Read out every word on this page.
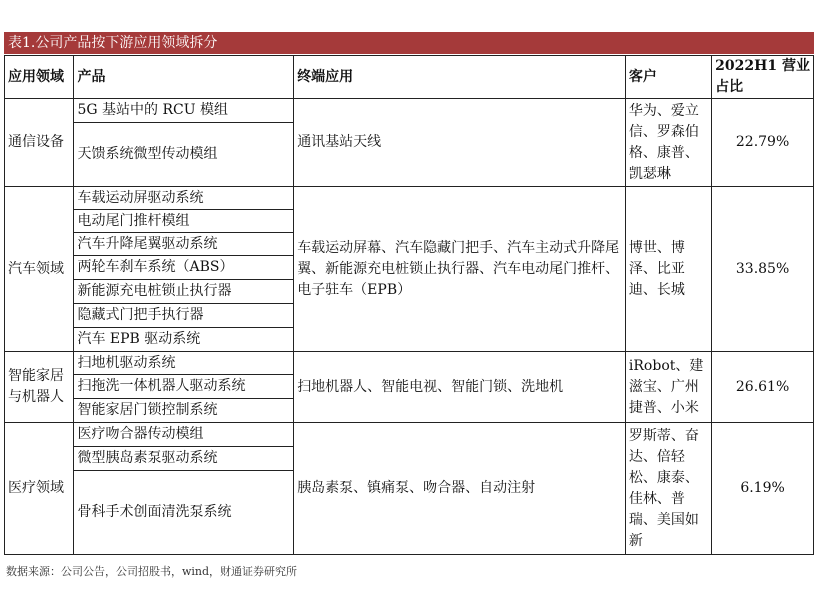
表1.公司产品按下游应用领域拆分
应用领域	产品	终端应用	客户	2022H1 营业
占比

通信设备	5G 基站中的 RCU 模组	通讯基站天线	华为、爱立信、罗森伯格、康普、凯瑟琳	22.79%
	天馈系统微型传动模组			
汽车领域	车载运动屏驱动系统	车载运动屏幕、汽车隐藏门把手、汽车主动式升降尾翼、新能源充电桩锁止执行器、汽车电动尾门推杆、电子驻车（EPB）	博世、博泽、比亚迪、长城	33.85%
	电动尾门推杆模组			
	汽车升降尾翼驱动系统			
	两轮车刹车系统（ABS）			
	新能源充电桩锁止执行器			
	隐藏式门把手执行器			
	汽车 EPB 驱动系统			
智能家居与机器人	扫地机驱动系统	扫地机器人、智能电视、智能门锁、洗地机	iRobot、建滋宝、广州捷普、小米	26.61%
	扫拖洗一体机器人驱动系统			
	智能家居门锁控制系统			
医疗领域	医疗吻合器传动模组	胰岛素泵、镇痛泵、吻合器、自动注射	罗斯蒂、奋达、倍轻松、康泰、佳林、普瑞、美国如新	6.19%
	微型胰岛素泵驱动系统			
	骨科手术创面清洗泵系统			
数据来源：公司公告，公司招股书，wind，财通证券研究所
